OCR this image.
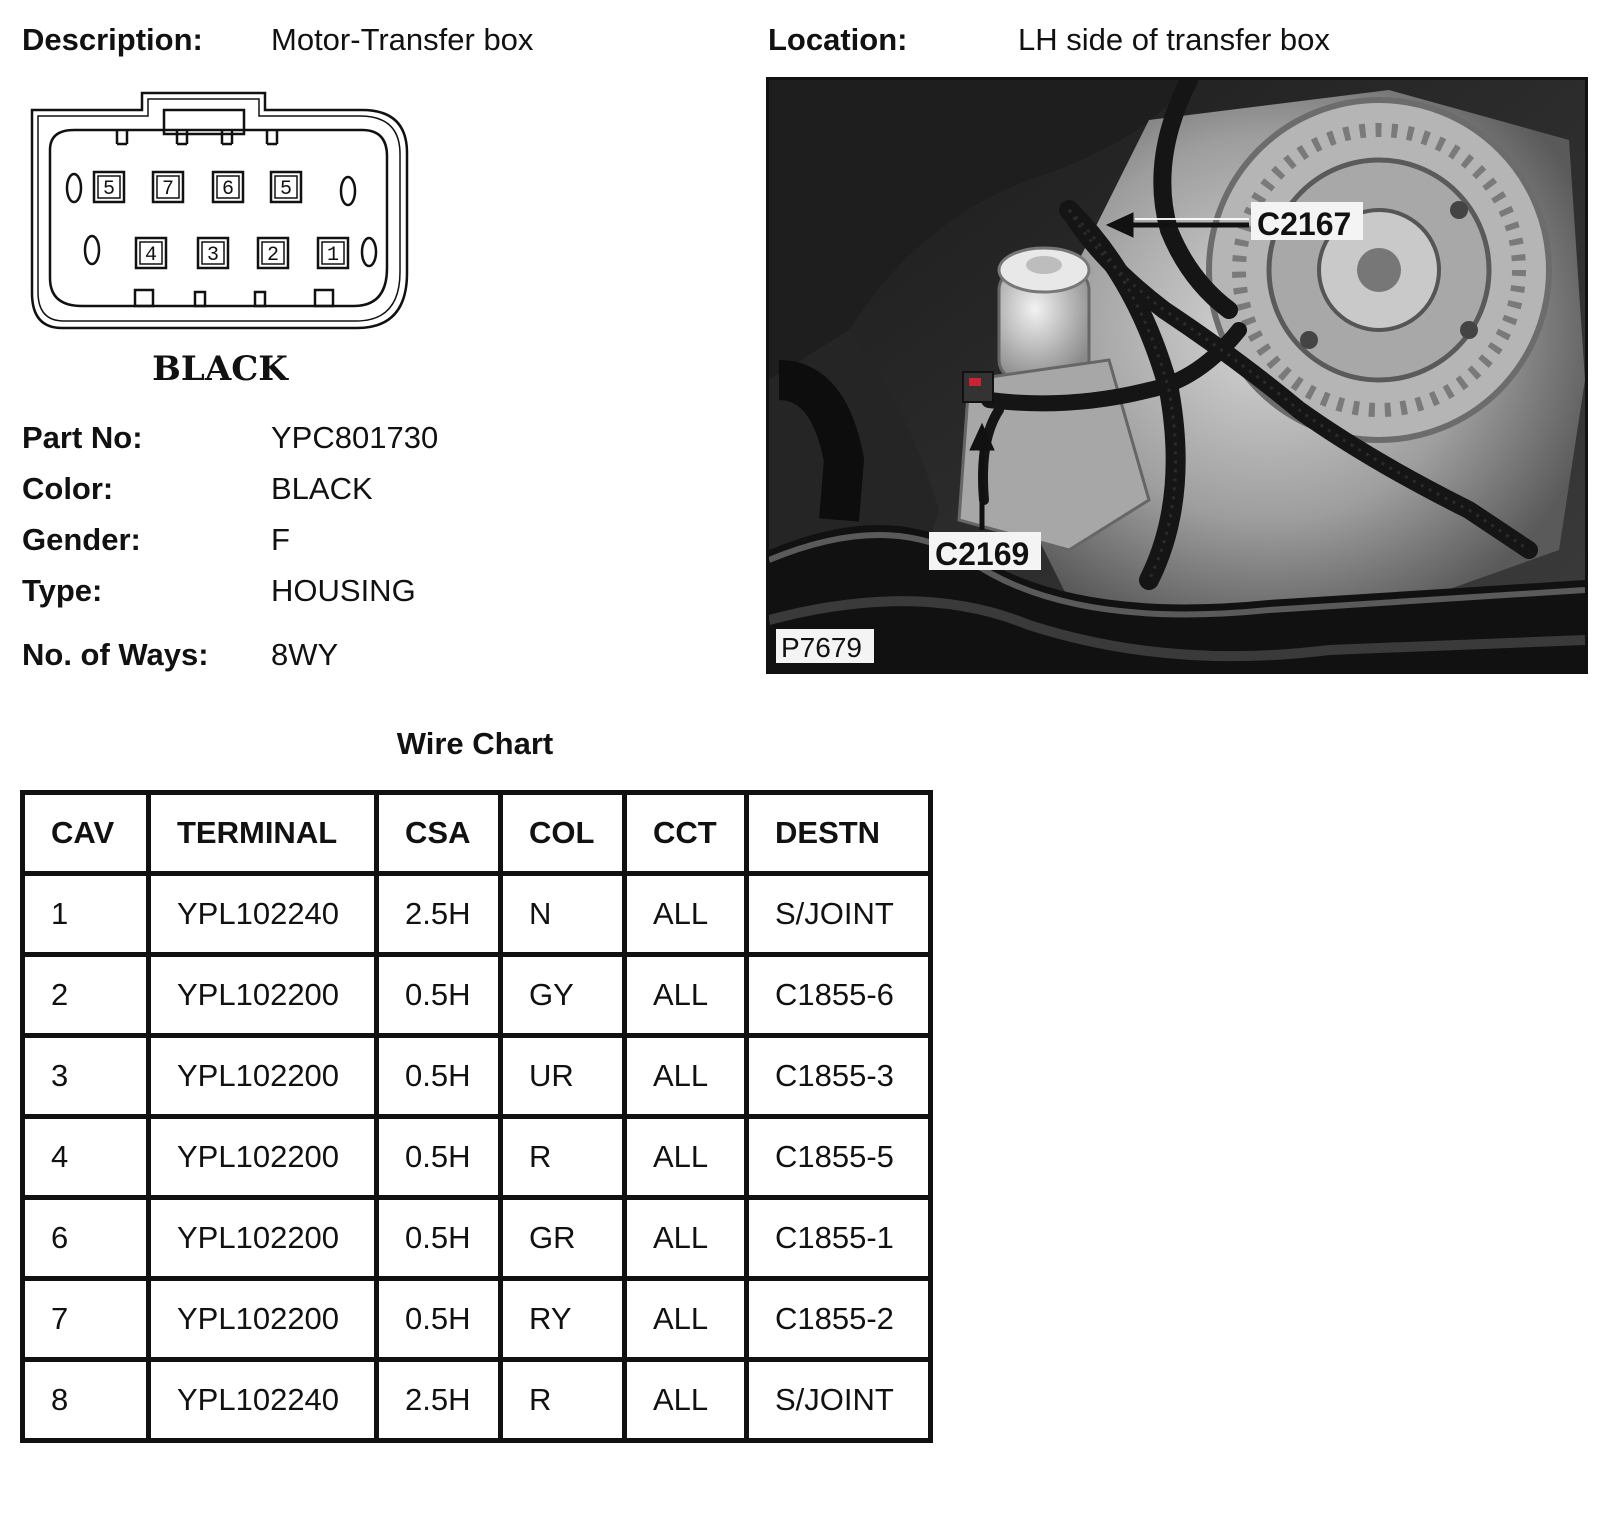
Description: Motor-Transfer box	Location:	LH side of transfer box
5 7 6 5
4 3 2 1
BLACK
Part No:	YPC801730
Color:	BLACK
Gender:	F
Type:	HOUSING
No. of Ways: 8WY
C2167
C2169
P7679
Wire Chart
CAV	TERMINAL	CSA	COL	CCT	DESTN
1	YPL102240	2.5H	N	ALL	S/JOINT
2	YPL102200	0.5H	GY	ALL	C1855-6
3	YPL102200	0.5H	UR	ALL	C1855-3
4	YPL102200	0.5H	R	ALL	C1855-5
6	YPL102200	0.5H	GR	ALL	C1855-1
7	YPL102200	0.5H	RY	ALL	C1855-2
8	YPL102240	2.5H	R	ALL	S/JOINT
